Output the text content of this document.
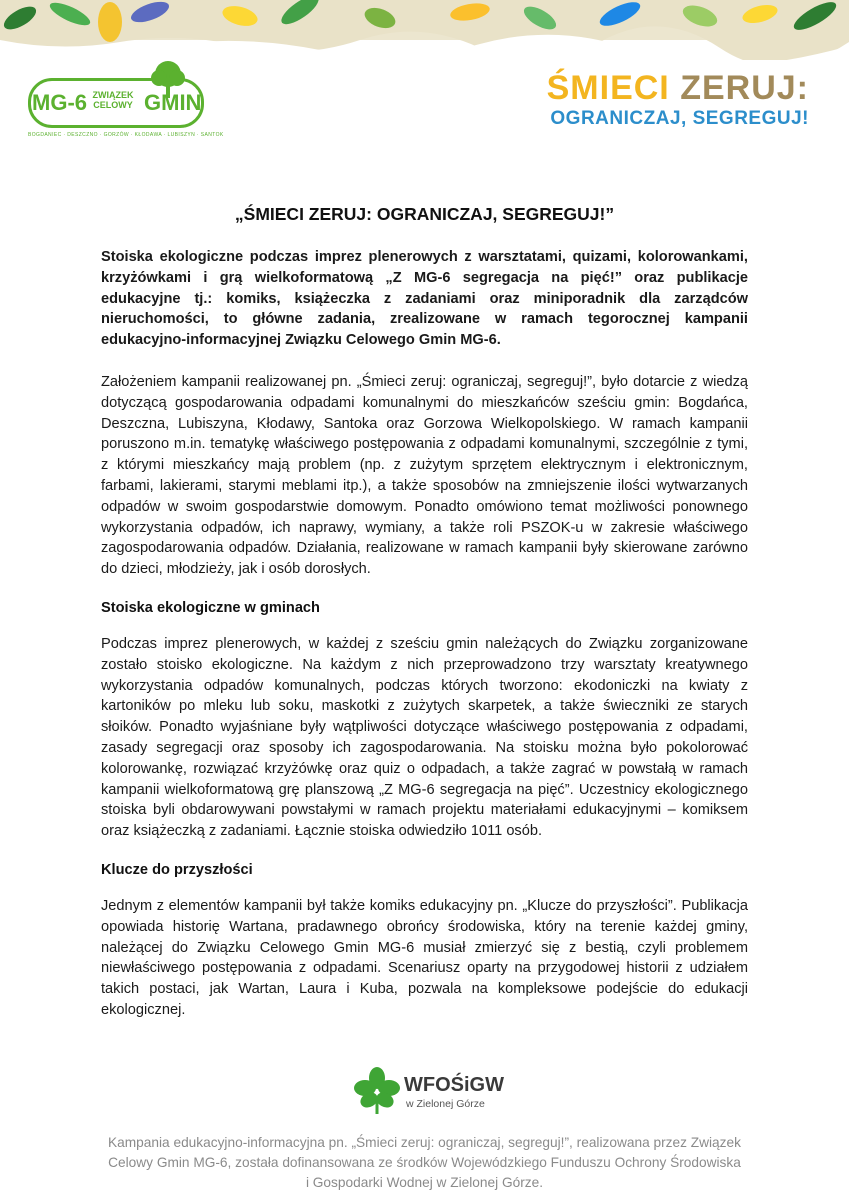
MG-6 ZWIĄZEK
CELOWY GMIN
BOGDANIEC · DESZCZNO · GORZÓW · KŁODAWA · LUBISZYN · SANTOK
ŚMIECI ZERUJ:
OGRANICZAJ, SEGREGUJ!
„ŚMIECI ZERUJ: OGRANICZAJ, SEGREGUJ!”

Stoiska ekologiczne podczas imprez plenerowych z warsztatami, quizami, kolorowankami, krzyżówkami i grą wielkoformatową „Z MG-6 segregacja na pięć!” oraz publikacje edukacyjne tj.: komiks, książeczka z zadaniami oraz miniporadnik dla zarządców nieruchomości, to główne zadania, zrealizowane w ramach tegorocznej kampanii edukacyjno-informacyjnej Związku Celowego Gmin MG-6.

Założeniem kampanii realizowanej pn. „Śmieci zeruj: ograniczaj, segreguj!”, było dotarcie z wiedzą dotyczącą gospodarowania odpadami komunalnymi do mieszkańców sześciu gmin: Bogdańca, Deszczna, Lubiszyna, Kłodawy, Santoka oraz Gorzowa Wielkopolskiego. W ramach kampanii poruszono m.in. tematykę właściwego postępowania z odpadami komunalnymi, szczególnie z tymi, z którymi mieszkańcy mają problem (np. z zużytym sprzętem elektrycznym i elektronicznym, farbami, lakierami, starymi meblami itp.), a także sposobów na zmniejszenie ilości wytwarzanych odpadów w swoim gospodarstwie domowym. Ponadto omówiono temat możliwości ponownego wykorzystania odpadów, ich naprawy, wymiany, a także roli PSZOK-u w zakresie właściwego zagospodarowania odpadów. Działania, realizowane w ramach kampanii były skierowane zarówno do dzieci, młodzieży, jak i osób dorosłych.

Stoiska ekologiczne w gminach

Podczas imprez plenerowych, w każdej z sześciu gmin należących do Związku zorganizowane zostało stoisko ekologiczne. Na każdym z nich przeprowadzono trzy warsztaty kreatywnego wykorzystania odpadów komunalnych, podczas których tworzono: ekodoniczki na kwiaty z kartoników po mleku lub soku, maskotki z zużytych skarpetek, a także świeczniki ze starych słoików. Ponadto wyjaśniane były wątpliwości dotyczące właściwego postępowania z odpadami, zasady segregacji oraz sposoby ich zagospodarowania. Na stoisku można było pokolorować kolorowankę, rozwiązać krzyżówkę oraz quiz o odpadach, a także zagrać w powstałą w ramach kampanii wielkoformatową grę planszową „Z MG-6 segregacja na pięć”. Uczestnicy ekologicznego stoiska byli obdarowywani powstałymi w ramach projektu materiałami edukacyjnymi – komiksem oraz książeczką z zadaniami. Łącznie stoiska odwiedziło 1011 osób.

Klucze do przyszłości

Jednym z elementów kampanii był także komiks edukacyjny pn. „Klucze do przyszłości”. Publikacja opowiada historię Wartana, pradawnego obrońcy środowiska, który na terenie każdej gminy, należącej do Związku Celowego Gmin MG-6 musiał zmierzyć się z bestią, czyli problemem niewłaściwego postępowania z odpadami. Scenariusz oparty na przygodowej historii z udziałem takich postaci, jak Wartan, Laura i Kuba, pozwala na kompleksowe podejście do edukacji ekologicznej.

WFOŚiGW
w Zielonej Górze
Kampania edukacyjno-informacyjna pn. „Śmieci zeruj: ograniczaj, segreguj!”, realizowana przez Związek
Celowy Gmin MG-6, została dofinansowana ze środków Wojewódzkiego Funduszu Ochrony Środowiska
i Gospodarki Wodnej w Zielonej Górze.
